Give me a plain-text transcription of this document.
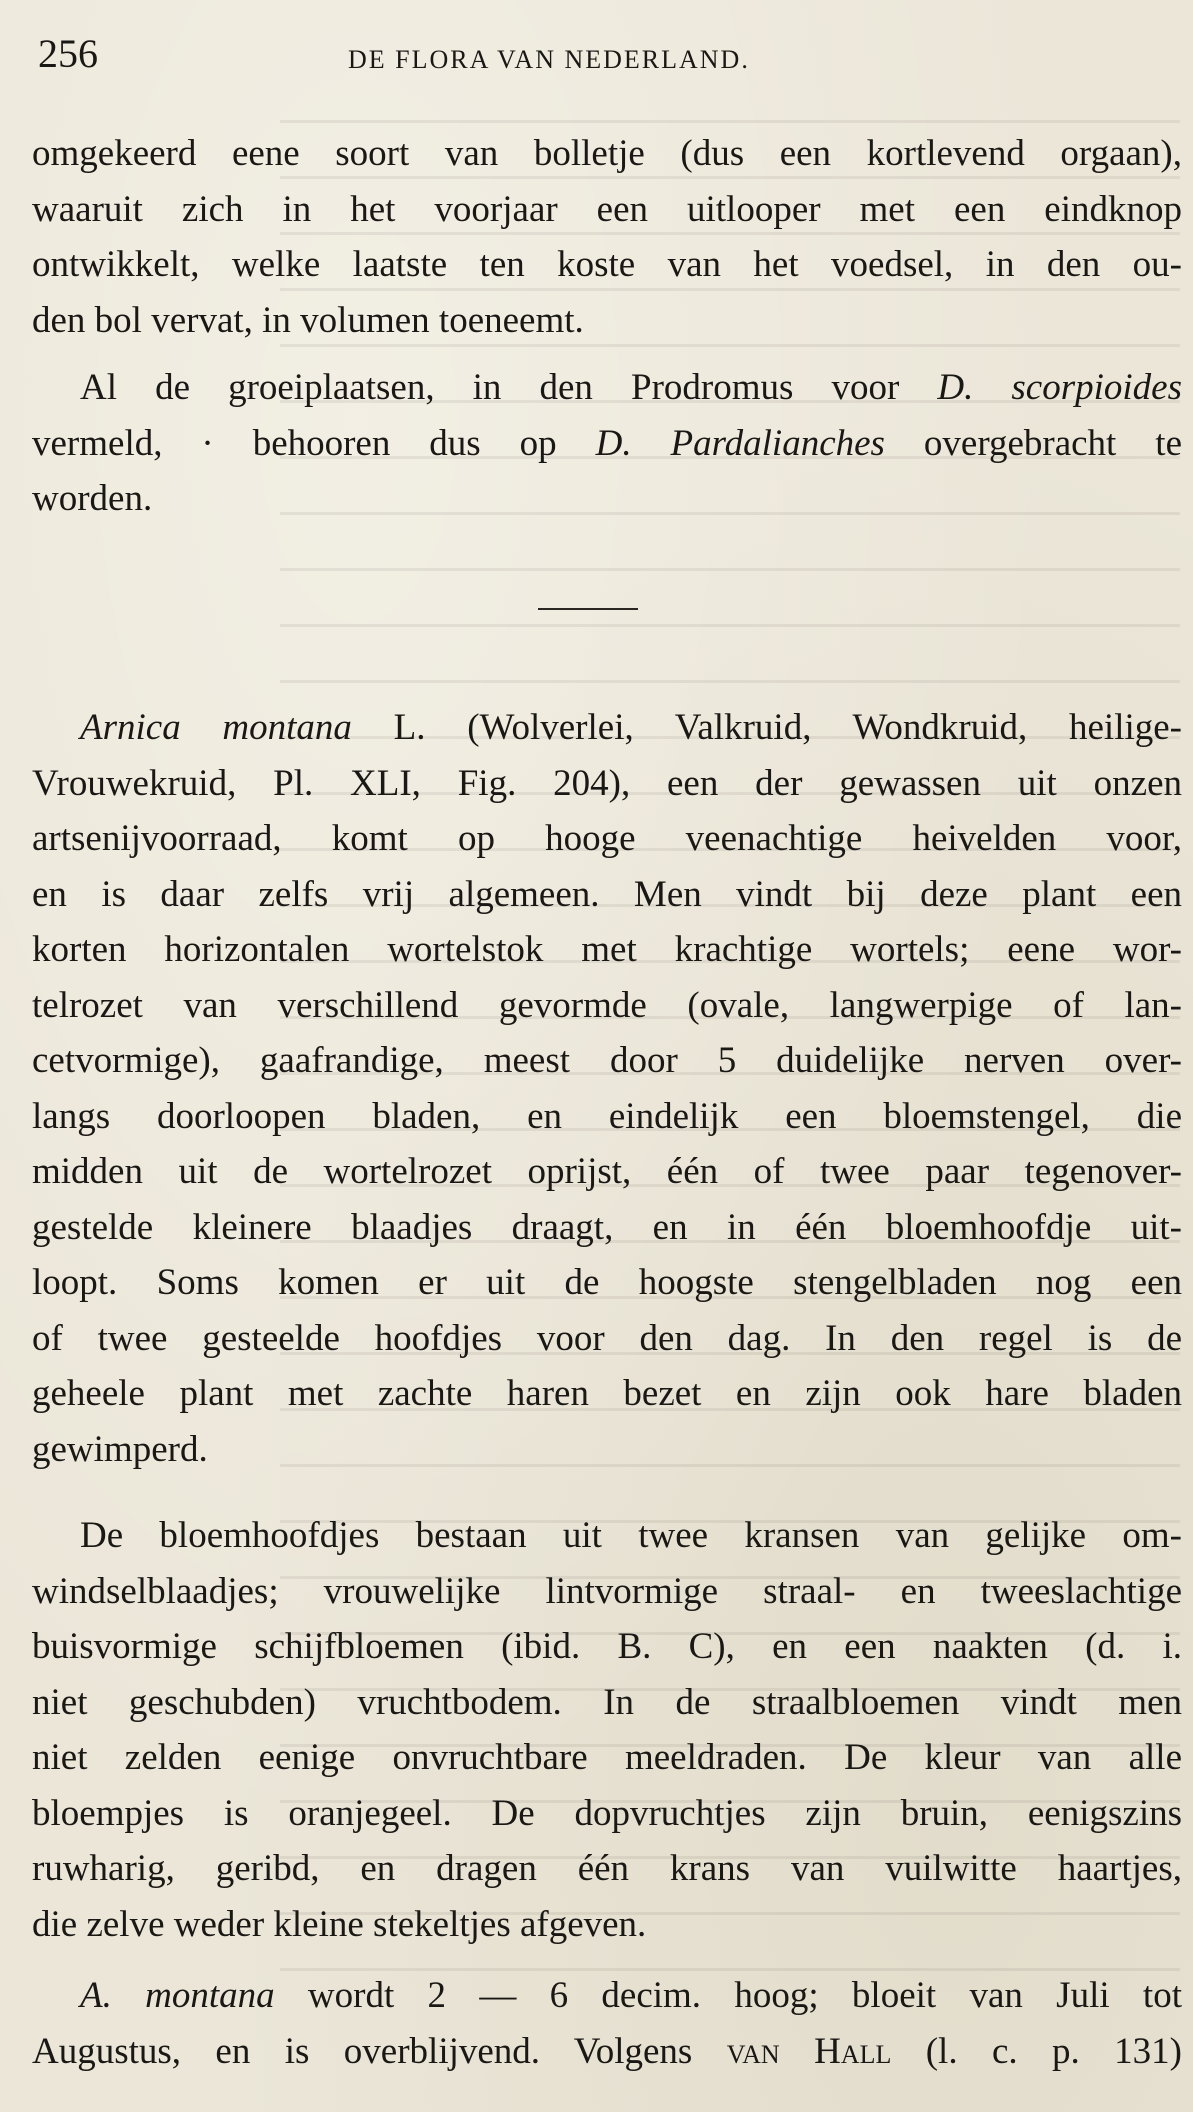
256	DE FLORA VAN NEDERLAND.
omgekeerd eene soort van bolletje (dus een kortlevend orgaan),
waaruit zich in het voorjaar een uitlooper met een eindknop
ontwikkelt, welke laatste ten koste van het voedsel, in den ou-
den bol vervat, in volumen toeneemt.
Al de groeiplaatsen, in den Prodromus voor D. scorpioides
vermeld, · behooren dus op D. Pardalianches overgebracht te
worden.
Arnica montana L. (Wolverlei, Valkruid, Wondkruid, heilige-
Vrouwekruid, Pl. XLI, Fig. 204), een der gewassen uit onzen
artsenijvoorraad, komt op hooge veenachtige heivelden voor,
en is daar zelfs vrij algemeen. Men vindt bij deze plant een
korten horizontalen wortelstok met krachtige wortels; eene wor-
telrozet van verschillend gevormde (ovale, langwerpige of lan-
cetvormige), gaafrandige, meest door 5 duidelijke nerven over-
langs doorloopen bladen, en eindelijk een bloemstengel, die
midden uit de wortelrozet oprijst, één of twee paar tegenover-
gestelde kleinere blaadjes draagt, en in één bloemhoofdje uit-
loopt. Soms komen er uit de hoogste stengelbladen nog een
of twee gesteelde hoofdjes voor den dag. In den regel is de
geheele plant met zachte haren bezet en zijn ook hare bladen
gewimperd.
De bloemhoofdjes bestaan uit twee kransen van gelijke om-
windselblaadjes; vrouwelijke lintvormige straal- en tweeslachtige
buisvormige schijfbloemen (ibid. B. C), en een naakten (d. i.
niet geschubden) vruchtbodem. In de straalbloemen vindt men
niet zelden eenige onvruchtbare meeldraden. De kleur van alle
bloempjes is oranjegeel. De dopvruchtjes zijn bruin, eenigszins
ruwharig, geribd, en dragen één krans van vuilwitte haartjes,
die zelve weder kleine stekeltjes afgeven.
A. montana wordt 2 — 6 decim. hoog; bloeit van Juli tot
Augustus, en is overblijvend. Volgens van Hall (l. c. p. 131)
